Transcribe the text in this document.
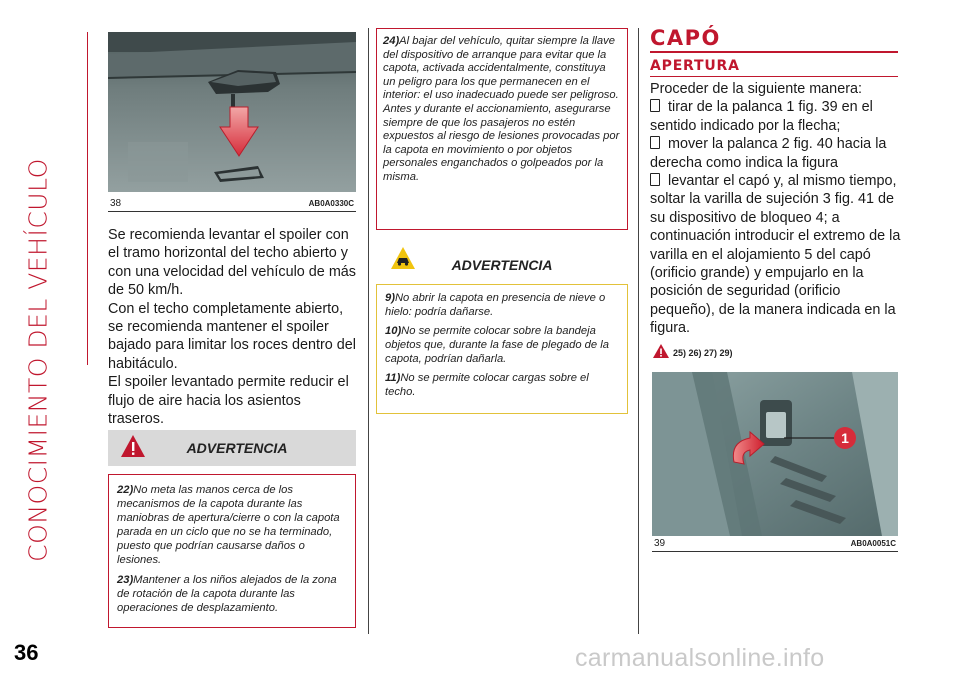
CONOCIMIENTO DEL VEHÍCULO
36
38	AB0A0330C

Se recomienda levantar el spoiler con el tramo horizontal del techo abierto y con una velocidad del vehículo de más de 50 km/h.

Con el techo completamente abierto, se recomienda mantener el spoiler bajado para limitar los roces dentro del habitáculo.

El spoiler levantado permite reducir el flujo de aire hacia los asientos traseros.

ADVERTENCIA
22)No meta las manos cerca de los mecanismos de la capota durante las maniobras de apertura/cierre o con la capota parada en un ciclo que no se ha terminado, puesto que podrían causarse daños o lesiones.
23)Mantener a los niños alejados de la zona de rotación de la capota durante las operaciones de desplazamiento.
24)Al bajar del vehículo, quitar siempre la llave del dispositivo de arranque para evitar que la capota, activada accidentalmente, constituya un peligro para los que permanecen en el interior: el uso inadecuado puede ser peligroso. Antes y durante el accionamiento, asegurarse siempre de que los pasajeros no estén expuestos al riesgo de lesiones provocadas por la capota en movimiento o por objetos personales enganchados o golpeados por la misma.
ADVERTENCIA
9)No abrir la capota en presencia de nieve o hielo: podría dañarse.
10)No se permite colocar sobre la bandeja objetos que, durante la fase de plegado de la capota, podrían dañarla.
11)No se permite colocar cargas sobre el techo.
CAPÓ
APERTURA

Proceder de la siguiente manera:

tirar de la palanca 1 fig. 39 en el sentido indicado por la flecha;

mover la palanca 2 fig. 40 hacia la derecha como indica la figura

levantar el capó y, al mismo tiempo, soltar la varilla de sujeción 3 fig. 41 de su dispositivo de bloqueo 4; a continuación introducir el extremo de la varilla en el alojamiento 5 del capó (orificio grande) y empujarlo en la posición de seguridad (orificio pequeño), de la manera indicada en la figura.

25) 26) 27) 29)
1
39	AB0A0051C
carmanualsonline.info
